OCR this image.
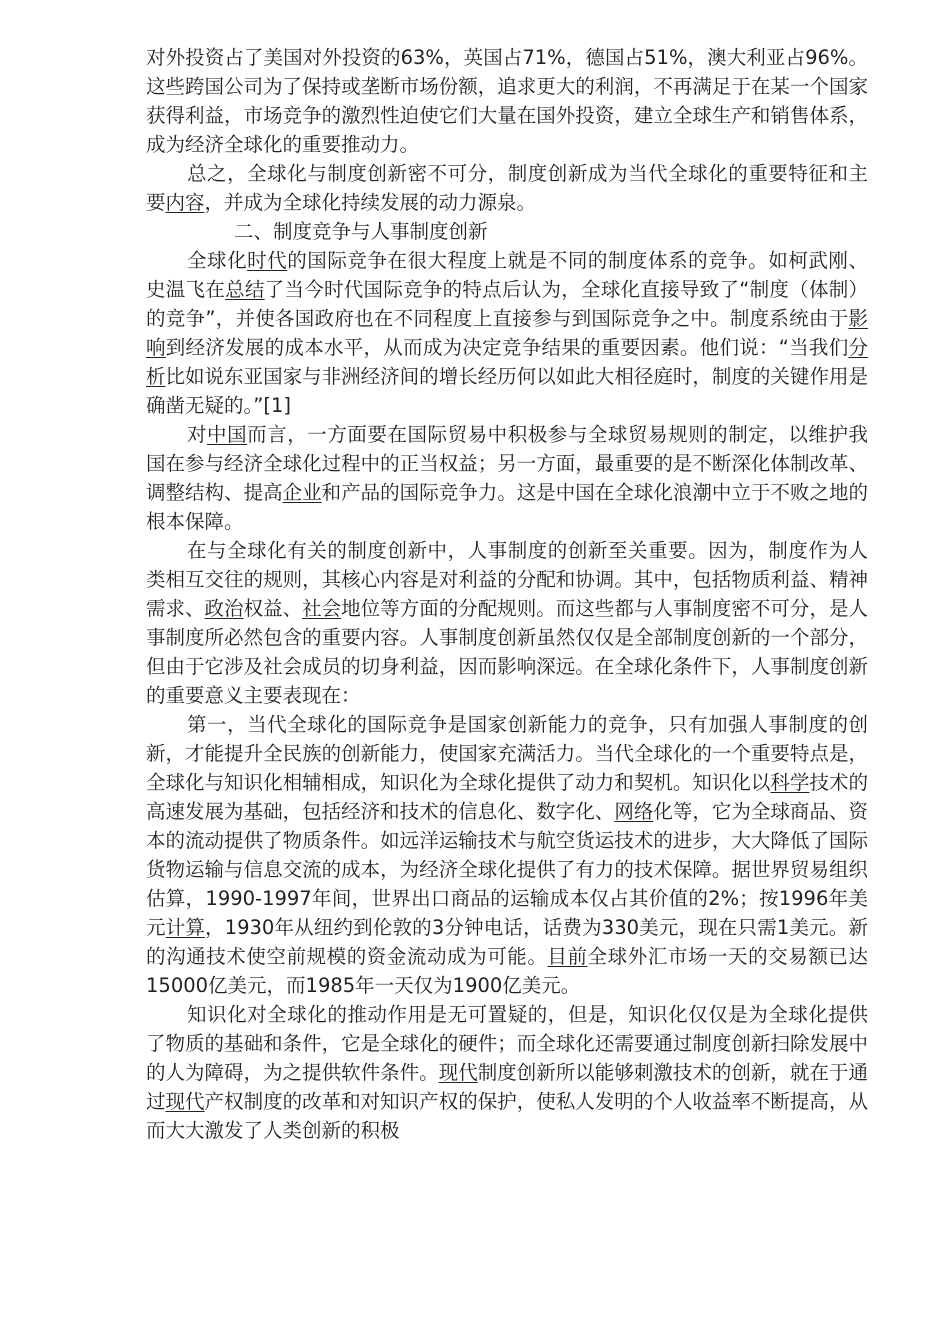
对外投资占了美国对外投资的63%，英国占71%，德国占51%，澳大利亚占96%。这些跨国公司为了保持或垄断市场份额，追求更大的利润，不再满足于在某一个国家获得利益，市场竞争的激烈性迫使它们大量在国外投资，建立全球生产和销售体系，成为经济全球化的重要推动力。

总之，全球化与制度创新密不可分，制度创新成为当代全球化的重要特征和主要内容，并成为全球化持续发展的动力源泉。

二、制度竞争与人事制度创新

全球化时代的国际竞争在很大程度上就是不同的制度体系的竞争。如柯武刚、史温飞在总结了当今时代国际竞争的特点后认为，全球化直接导致了“制度（体制）的竞争”，并使各国政府也在不同程度上直接参与到国际竞争之中。制度系统由于影响到经济发展的成本水平，从而成为决定竞争结果的重要因素。他们说：“当我们分析比如说东亚国家与非洲经济间的增长经历何以如此大相径庭时，制度的关键作用是确凿无疑的。”[1]

对中国而言，一方面要在国际贸易中积极参与全球贸易规则的制定，以维护我国在参与经济全球化过程中的正当权益；另一方面，最重要的是不断深化体制改革、调整结构、提高企业和产品的国际竞争力。这是中国在全球化浪潮中立于不败之地的根本保障。

在与全球化有关的制度创新中，人事制度的创新至关重要。因为，制度作为人类相互交往的规则，其核心内容是对利益的分配和协调。其中，包括物质利益、精神需求、政治权益、社会地位等方面的分配规则。而这些都与人事制度密不可分，是人事制度所必然包含的重要内容。人事制度创新虽然仅仅是全部制度创新的一个部分，但由于它涉及社会成员的切身利益，因而影响深远。在全球化条件下，人事制度创新的重要意义主要表现在：

第一，当代全球化的国际竞争是国家创新能力的竞争，只有加强人事制度的创新，才能提升全民族的创新能力，使国家充满活力。当代全球化的一个重要特点是，全球化与知识化相辅相成，知识化为全球化提供了动力和契机。知识化以科学技术的高速发展为基础，包括经济和技术的信息化、数字化、网络化等，它为全球商品、资本的流动提供了物质条件。如远洋运输技术与航空货运技术的进步，大大降低了国际货物运输与信息交流的成本，为经济全球化提供了有力的技术保障。据世界贸易组织估算，1990-1997年间，世界出口商品的运输成本仅占其价值的2%；按1996年美元计算，1930年从纽约到伦敦的3分钟电话，话费为330美元，现在只需1美元。新的沟通技术使空前规模的资金流动成为可能。目前全球外汇市场一天的交易额已达15000亿美元，而1985年一天仅为1900亿美元。

知识化对全球化的推动作用是无可置疑的，但是，知识化仅仅是为全球化提供了物质的基础和条件，它是全球化的硬件；而全球化还需要通过制度创新扫除发展中的人为障碍，为之提供软件条件。现代制度创新所以能够刺激技术的创新，就在于通过现代产权制度的改革和对知识产权的保护，使私人发明的个人收益率不断提高，从而大大激发了人类创新的积极
